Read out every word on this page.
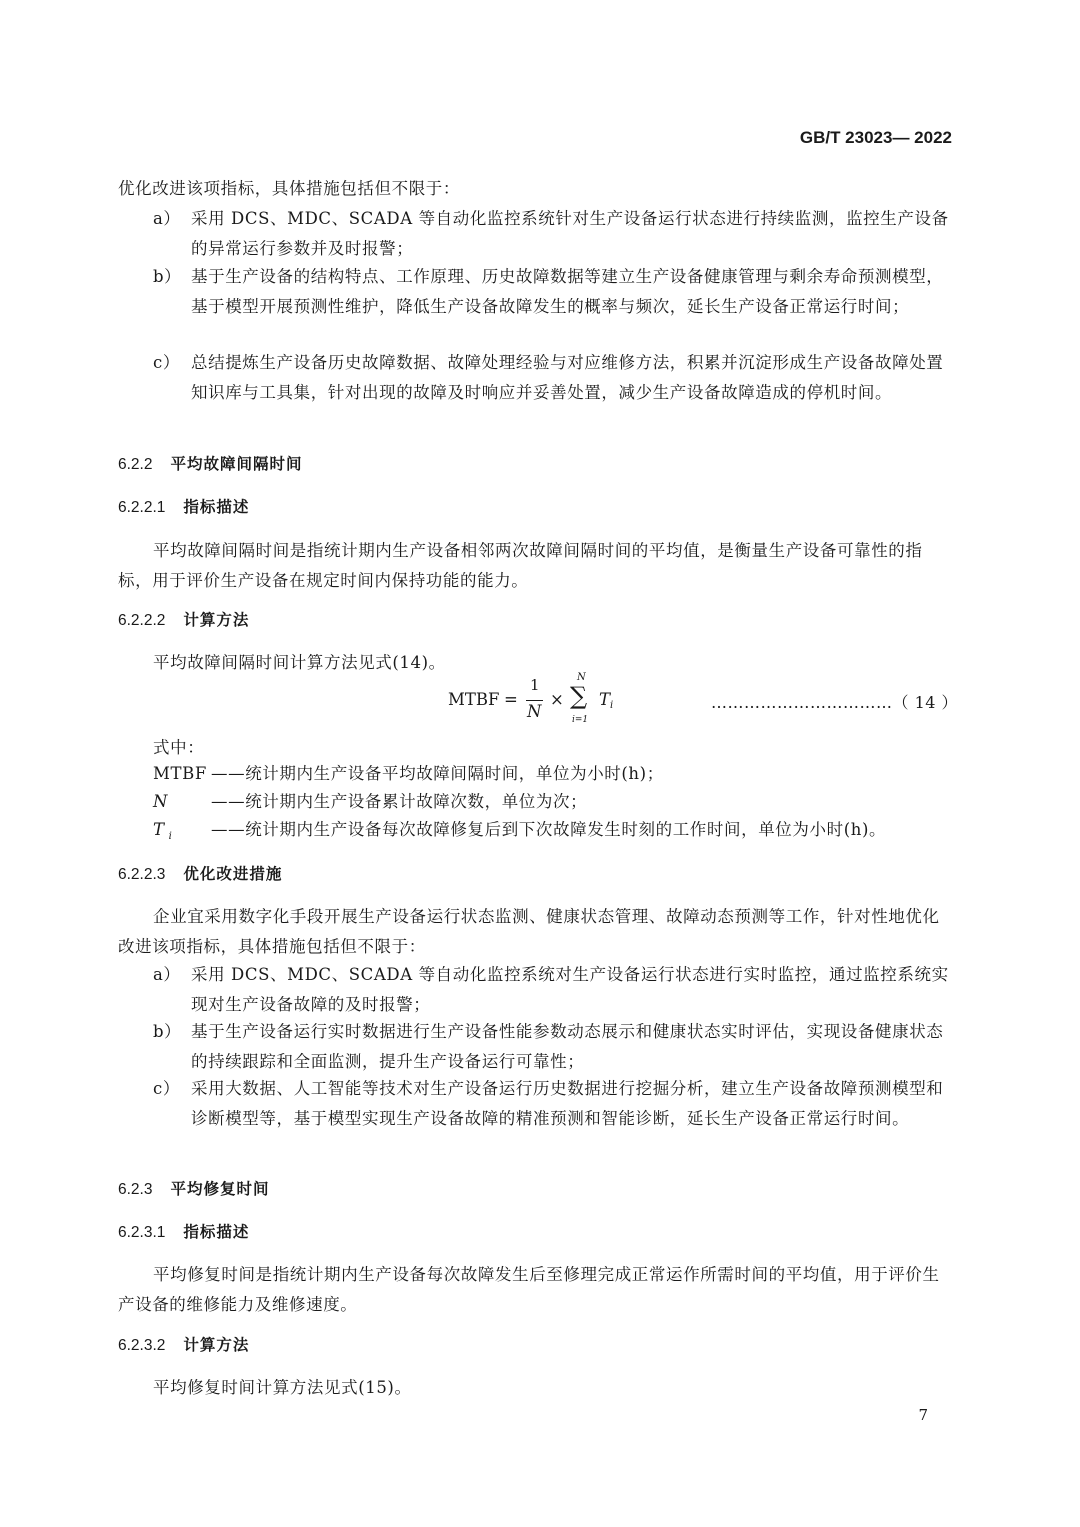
GB/T 23023— 2022
优化改进该项指标，具体措施包括但不限于：
a） 采用 DCS、MDC、SCADA 等自动化监控系统针对生产设备运行状态进行持续监测，监控生产设备的异常运行参数并及时报警；
b） 基于生产设备的结构特点、工作原理、历史故障数据等建立生产设备健康管理与剩余寿命预测模型，基于模型开展预测性维护，降低生产设备故障发生的概率与频次，延长生产设备正常运行时间；
c） 总结提炼生产设备历史故障数据、故障处理经验与对应维修方法，积累并沉淀形成生产设备故障处置知识库与工具集，针对出现的故障及时响应并妥善处置，减少生产设备故障造成的停机时间。
6.2.2 平均故障间隔时间
6.2.2.1 指标描述
平均故障间隔时间是指统计期内生产设备相邻两次故障间隔时间的平均值，是衡量生产设备可靠性的指标，用于评价生产设备在规定时间内保持功能的能力。
6.2.2.2 计算方法
平均故障间隔时间计算方法见式(14)。
MTBF =
1
N
×
N
∑
i=1
T i	……………………………（ 14 ）
式中：
MTBF ——统计期内生产设备平均故障间隔时间，单位为小时(h)；
N	——统计期内生产设备累计故障次数，单位为次；
T $_i$ ——统计期内生产设备每次故障修复后到下次故障发生时刻的工作时间，单位为小时(h)。
6.2.2.3 优化改进措施
企业宜采用数字化手段开展生产设备运行状态监测、健康状态管理、故障动态预测等工作，针对性地优化改进该项指标，具体措施包括但不限于：
a） 采用 DCS、MDC、SCADA 等自动化监控系统对生产设备运行状态进行实时监控，通过监控系统实现对生产设备故障的及时报警；
b） 基于生产设备运行实时数据进行生产设备性能参数动态展示和健康状态实时评估，实现设备健康状态的持续跟踪和全面监测，提升生产设备运行可靠性；
c） 采用大数据、人工智能等技术对生产设备运行历史数据进行挖掘分析，建立生产设备故障预测模型和诊断模型等，基于模型实现生产设备故障的精准预测和智能诊断，延长生产设备正常运行时间。
6.2.3 平均修复时间
6.2.3.1 指标描述
平均修复时间是指统计期内生产设备每次故障发生后至修理完成正常运作所需时间的平均值，用于评价生产设备的维修能力及维修速度。
6.2.3.2 计算方法
平均修复时间计算方法见式(15)。
7
